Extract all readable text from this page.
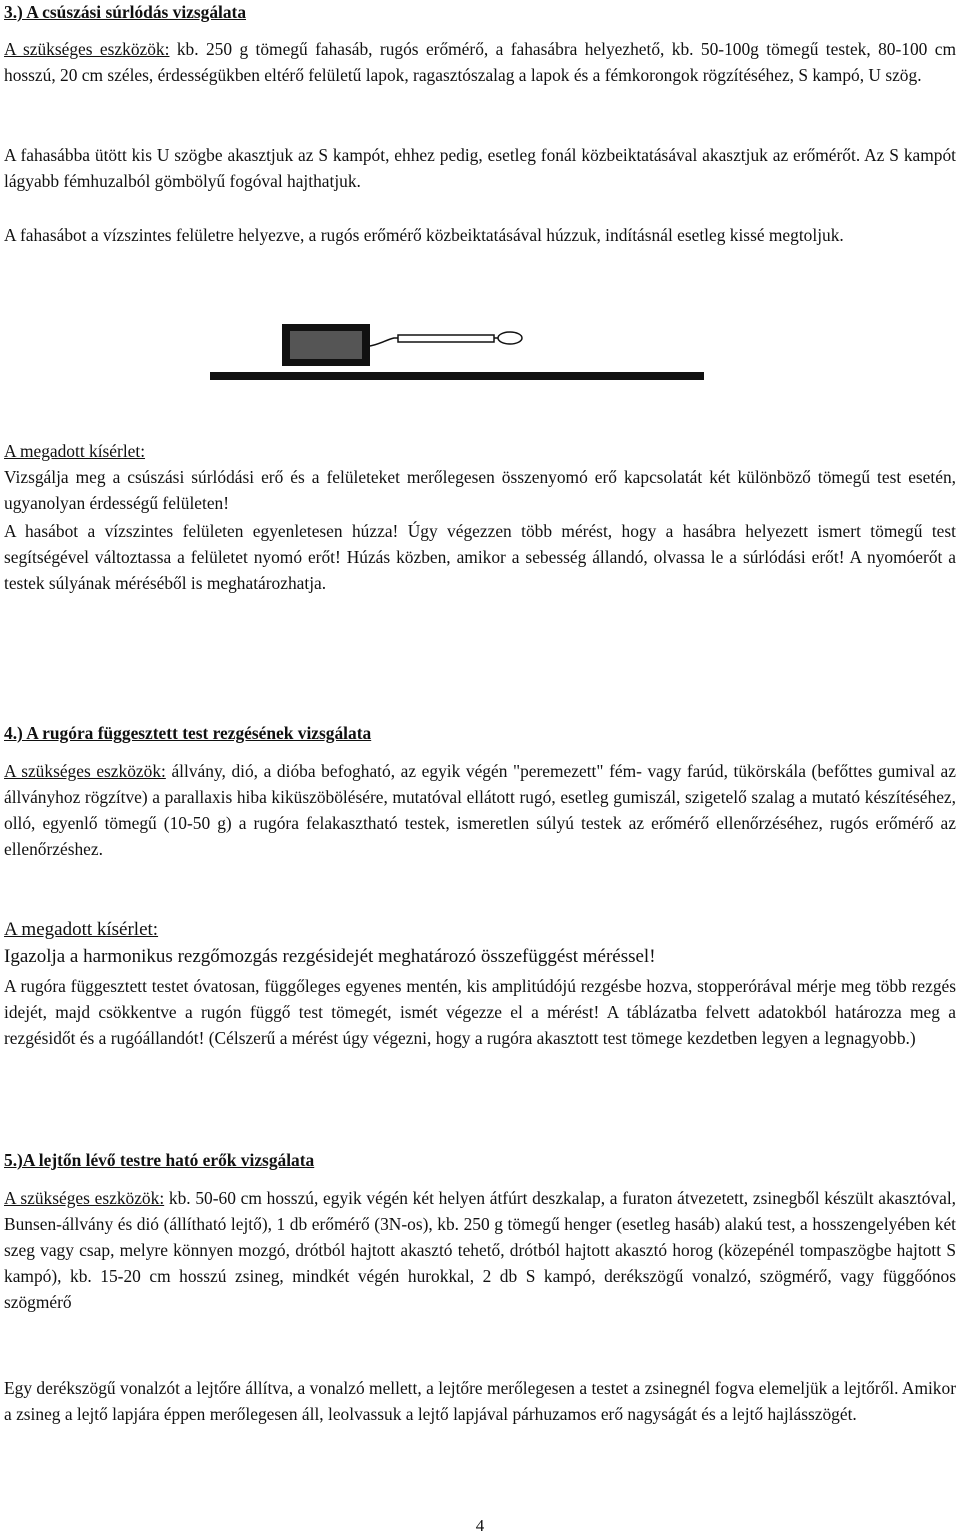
3.) A csúszási súrlódás vizsgálata
A szükséges eszközök: kb. 250 g tömegű fahasáb, rugós erőmérő, a fahasábra helyezhető, kb. 50-100g tömegű testek, 80-100 cm hosszú, 20 cm széles, érdességükben eltérő felületű lapok, ragasztószalag a lapok és a fémkorongok rögzítéséhez, S kampó, U szög.
A fahasábba ütött kis U szögbe akasztjuk az S kampót, ehhez pedig, esetleg fonál közbeiktatásával akasztjuk az erőmérőt. Az S kampót lágyabb fémhuzalból gömbölyű fogóval hajthatjuk.
A fahasábot a vízszintes felületre helyezve, a rugós erőmérő közbeiktatásával húzzuk, indításnál esetleg kissé megtoljuk.
A megadott kísérlet:
Vizsgálja meg a csúszási súrlódási erő és a felületeket merőlegesen összenyomó erő kapcsolatát két különböző tömegű test esetén, ugyanolyan érdességű felületen!
A hasábot a vízszintes felületen egyenletesen húzza! Úgy végezzen több mérést, hogy a hasábra helyezett ismert tömegű test segítségével változtassa a felületet nyomó erőt! Húzás közben, amikor a sebesség állandó, olvassa le a súrlódási erőt! A nyomóerőt a testek súlyának méréséből is meghatározhatja.
4.) A rugóra függesztett test rezgésének vizsgálata
A szükséges eszközök: állvány, dió, a dióba befogható, az egyik végén "peremezett" fém- vagy farúd, tükörskála (befőttes gumival az állványhoz rögzítve) a parallaxis hiba kiküszöbölésére, mutatóval ellátott rugó, esetleg gumiszál, szigetelő szalag a mutató készítéséhez, olló, egyenlő tömegű (10-50 g) a rugóra felakasztható testek, ismeretlen súlyú testek az erőmérő ellenőrzéséhez, rugós erőmérő az ellenőrzéshez.
A megadott kísérlet:
Igazolja a harmonikus rezgőmozgás rezgésidejét meghatározó összefüggést méréssel!
A rugóra függesztett testet óvatosan, függőleges egyenes mentén, kis amplitúdójú rezgésbe hozva, stopperórával mérje meg több rezgés idejét, majd csökkentve a rugón függő test tömegét, ismét végezze el a mérést! A táblázatba felvett adatokból határozza meg a rezgésidőt és a rugóállandót! (Célszerű a mérést úgy végezni, hogy a rugóra akasztott test tömege kezdetben legyen a legnagyobb.)
5.)A lejtőn lévő testre ható erők vizsgálata
A szükséges eszközök: kb. 50-60 cm hosszú, egyik végén két helyen átfúrt deszkalap, a furaton átvezetett, zsinegből készült akasztóval, Bunsen-állvány és dió (állítható lejtő), 1 db erőmérő (3N-os), kb. 250 g tömegű henger (esetleg hasáb) alakú test, a hosszengelyében két szeg vagy csap, melyre könnyen mozgó, drótból hajtott akasztó tehető, drótból hajtott akasztó horog (közepénél tompaszögbe hajtott S kampó), kb. 15-20 cm hosszú zsineg, mindkét végén hurokkal, 2 db S kampó, derékszögű vonalzó, szögmérő, vagy függőónos szögmérő
Egy derékszögű vonalzót a lejtőre állítva, a vonalzó mellett, a lejtőre merőlegesen a testet a zsinegnél fogva elemeljük a lejtőről. Amikor a zsineg a lejtő lapjára éppen merőlegesen áll, leolvassuk a lejtő lapjával párhuzamos erő nagyságát és a lejtő hajlásszögét.
4
